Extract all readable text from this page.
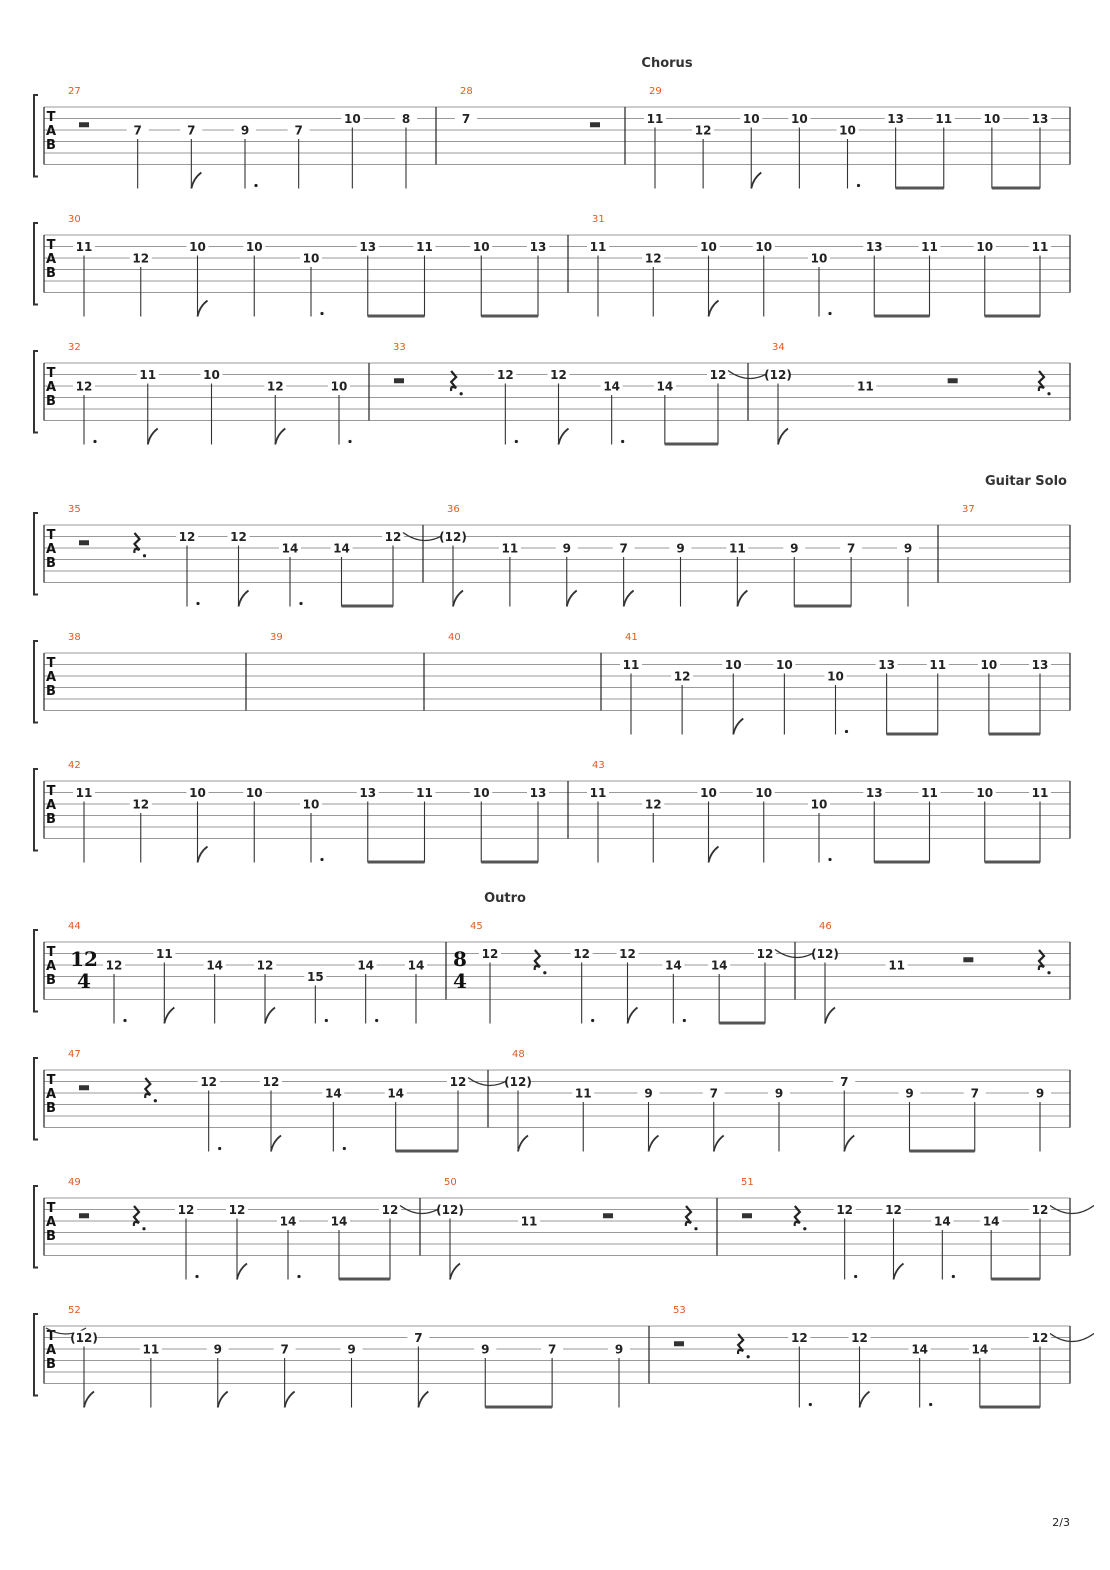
Chorus
T
A
B
27
7	7	9	7
10	8
28
7
29
11
12
10	10
10
13	11	10	13
T
A
B
30
11
12
10	10
10
13	11	10	13
31
11
12
10	10
10
13	11	10	11
T
A
B
32
12
11	10
12	10
33
12	12
14	14
12
34
(12)
11
Guitar Solo
T
A
B
35
12	12
14	14
12
36
(12)
11	9	7	9	11	9	7	9
37
T
A
B
38	39	40	41
11
12
10	10
10
13	11	10	13
T
A
B
42
11
12
10	10
10
13	11	10	13
43
11
12
10	10
10
13	11	10	11
Outro
T
A
B
44
12
4
12
11
14	12
15
14	14
45
8
4
12	12 12
14 14
12
46
(12)
11
T
A
B
47
12	12
14	14
12
48
(12)
11	9	7	9
7
9	7	9
T
A
B
49
12	12
14	14
12
50
(12)
11
51
12	12
14	14
12
T
A
B
52
(12)
11	9	7	9
7
9	7	9
53
12	12
14	14
12
2/3
